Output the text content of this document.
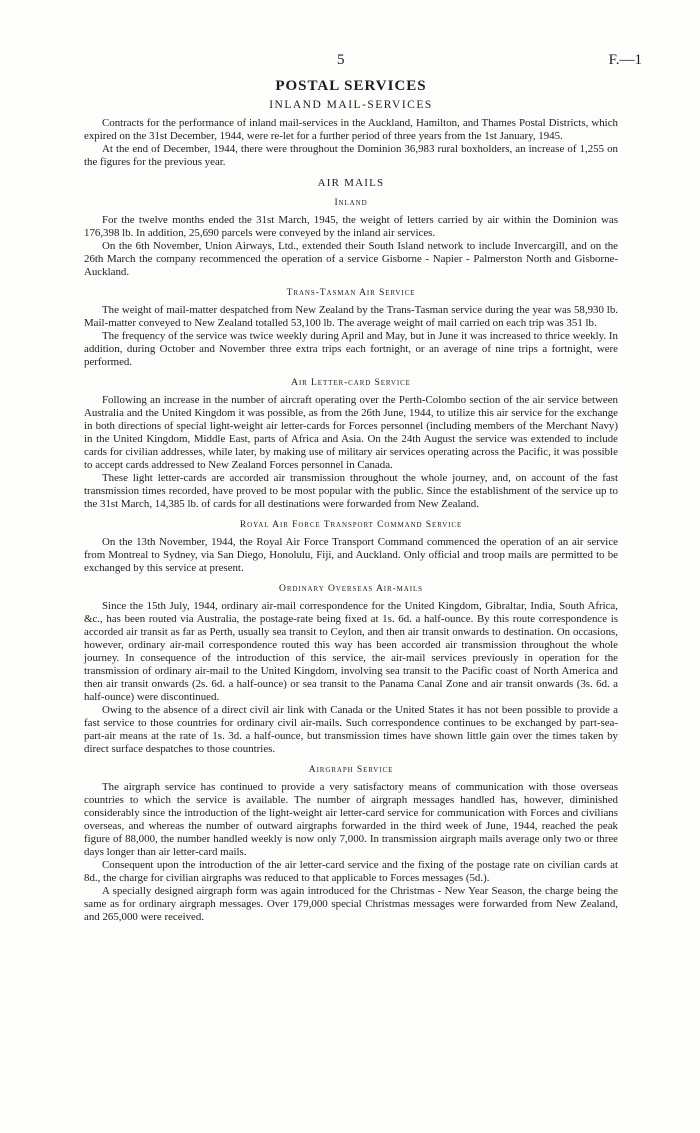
5	F.—1
POSTAL SERVICES
INLAND MAIL-SERVICES

Contracts for the performance of inland mail-services in the Auckland, Hamilton, and Thames Postal Districts, which expired on the 31st December, 1944, were re-let for a further period of three years from the 1st January, 1945.

At the end of December, 1944, there were throughout the Dominion 36,983 rural boxholders, an increase of 1,255 on the figures for the previous year.

AIR MAILS
Inland

For the twelve months ended the 31st March, 1945, the weight of letters carried by air within the Dominion was 176,398 lb. In addition, 25,690 parcels were conveyed by the inland air services.

On the 6th November, Union Airways, Ltd., extended their South Island network to include Invercargill, and on the 26th March the company recommenced the operation of a service Gisborne - Napier - Palmerston North and Gisborne-Auckland.

Trans-Tasman Air Service

The weight of mail-matter despatched from New Zealand by the Trans-Tasman service during the year was 58,930 lb. Mail-matter conveyed to New Zealand totalled 53,100 lb. The average weight of mail carried on each trip was 351 lb.

The frequency of the service was twice weekly during April and May, but in June it was increased to thrice weekly. In addition, during October and November three extra trips each fortnight, or an average of nine trips a fortnight, were performed.

Air Letter-card Service

Following an increase in the number of aircraft operating over the Perth-Colombo section of the air service between Australia and the United Kingdom it was possible, as from the 26th June, 1944, to utilize this air service for the exchange in both directions of special light-weight air letter-cards for Forces personnel (including members of the Merchant Navy) in the United Kingdom, Middle East, parts of Africa and Asia. On the 24th August the service was extended to include cards for civilian addresses, while later, by making use of military air services operating across the Pacific, it was possible to accept cards addressed to New Zealand Forces personnel in Canada.

These light letter-cards are accorded air transmission throughout the whole journey, and, on account of the fast transmission times recorded, have proved to be most popular with the public. Since the establishment of the service up to the 31st March, 14,385 lb. of cards for all destinations were forwarded from New Zealand.

Royal Air Force Transport Command Service

On the 13th November, 1944, the Royal Air Force Transport Command commenced the operation of an air service from Montreal to Sydney, via San Diego, Honolulu, Fiji, and Auckland. Only official and troop mails are permitted to be exchanged by this service at present.

Ordinary Overseas Air-mails

Since the 15th July, 1944, ordinary air-mail correspondence for the United Kingdom, Gibraltar, India, South Africa, &c., has been routed via Australia, the postage-rate being fixed at 1s. 6d. a half-ounce. By this route correspondence is accorded air transit as far as Perth, usually sea transit to Ceylon, and then air transit onwards to destination. On occasions, however, ordinary air-mail correspondence routed this way has been accorded air transmission throughout the whole journey. In consequence of the introduction of this service, the air-mail services previously in operation for the transmission of ordinary air-mail to the United Kingdom, involving sea transit to the Pacific coast of North America and then air transit onwards (2s. 6d. a half-ounce) or sea transit to the Panama Canal Zone and air transit onwards (3s. 6d. a half-ounce) were discontinued.

Owing to the absence of a direct civil air link with Canada or the United States it has not been possible to provide a fast service to those countries for ordinary civil air-mails. Such correspondence continues to be exchanged by part-sea-part-air means at the rate of 1s. 3d. a half-ounce, but transmission times have shown little gain over the times taken by direct surface despatches to those countries.

Airgraph Service

The airgraph service has continued to provide a very satisfactory means of communication with those overseas countries to which the service is available. The number of airgraph messages handled has, however, diminished considerably since the introduction of the light-weight air letter-card service for communication with Forces and civilians overseas, and whereas the number of outward airgraphs forwarded in the third week of June, 1944, reached the peak figure of 88,000, the number handled weekly is now only 7,000. In transmission airgraph mails average only two or three days longer than air letter-card mails.

Consequent upon the introduction of the air letter-card service and the fixing of the postage rate on civilian cards at 8d., the charge for civilian airgraphs was reduced to that applicable to Forces messages (5d.).

A specially designed airgraph form was again introduced for the Christmas - New Year Season, the charge being the same as for ordinary airgraph messages. Over 179,000 special Christmas messages were forwarded from New Zealand, and 265,000 were received.
